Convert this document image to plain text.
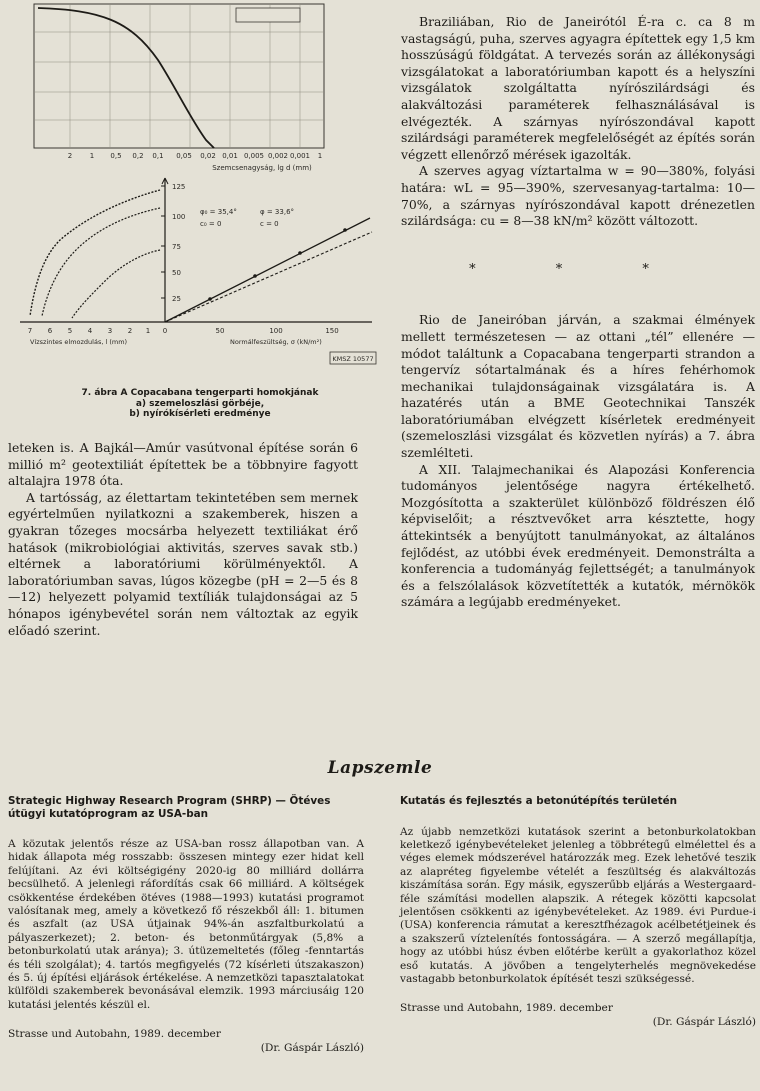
2	1 0,5 0,2 0,1 0,05 0,02 0,01 0,005 0,002 0,001 1
Szemcsenagyság, lg d (mm)
125
100
75
50
25
φ₀ = 35,4°
c₀ = 0
φ = 33,6°
c = 0
7 6 5 4 3 2 1 0	50	100	150
Vízszintes elmozdulás, l (mm)	Normálfeszültség, σ (kN/m²)
KMSZ 10577
7. ábra A Copacabana tengerparti homokjának
a) szemeloszlási görbéje,
b) nyírókísérleti eredménye

leteken is. A Bajkál—Amúr vasútvonal építése során 6 millió m² geotextiliát építettek be a többnyire fagyott altalajra 1978 óta.

A tartósság, az élettartam tekintetében sem mernek egyértelműen nyilatkozni a szakemberek, hiszen a gyakran tőzeges mocsárba helyezett textiliákat érő hatások (mikrobiológiai aktivitás, szerves savak stb.) eltérnek a laboratóriumi körülményektől. A laboratóriumban savas, lúgos közegbe (pH = 2—5 és 8—12) helyezett polyamid textíliák tulajdonságai az 5 hónapos igénybevétel során nem változtak az egyik előadó szerint.

Braziliában, Rio de Janeirótól É-ra c. ca 8 m vastagságú, puha, szerves agyagra építettek egy 1,5 km hosszúságú földgátat. A tervezés során az állékonysági vizsgálatokat a laboratóriumban kapott és a helyszíni vizsgálatok szolgáltatta nyírószilárdsági és alakváltozási paraméterek felhasználásával is elvégezték. A szárnyas nyírószondával kapott szilárdsági paraméterek megfelelőségét az építés során végzett ellenőrző mérések igazolták.

A szerves agyag víztartalma w = 90—380%, folyási határa: wL = 95—390%, szervesanyag-tartalma: 10—70%, a szárnyas nyírószondával kapott drénezetlen szilárdsága: cu = 8—38 kN/m² között változott.

* * *

Rio de Janeiróban járván, a szakmai élmények mellett természetesen — az ottani „tél” ellenére — módot találtunk a Copacabana tengerparti strandon a tengervíz sótartalmának és a híres fehérhomok mechanikai tulajdonságainak vizsgálatára is. A hazatérés után a BME Geotechnikai Tanszék laboratóriumában elvégzett kísérletek eredményeit (szemeloszlási vizsgálat és közvetlen nyírás) a 7. ábra szemlélteti.

A XII. Talajmechanikai és Alapozási Konferencia tudományos jelentősége nagyra értékelhető. Mozgósította a szakterület különböző földrészen élő képviselőit; a résztvevőket arra késztette, hogy áttekintsék a benyújtott tanulmányokat, az általános fejlődést, az utóbbi évek eredményeit. Demonstrálta a konferencia a tudományág fejlettségét; a tanulmányok és a felszólalások közvetítették a kutatók, mérnökök számára a legújabb eredményeket.

Lapszemle
Strategic Highway Research Program (SHRP) — Ötéves útügyi kutatóprogram az USA-ban
A közutak jelentős része az USA-ban rossz állapotban van. A hidak állapota még rosszabb: összesen mintegy ezer hidat kell felújítani. Az évi költségigény 2020-ig 80 milliárd dollárra becsülhető. A jelenlegi ráfordítás csak 66 milliárd. A költségek csökkentése érdekében ötéves (1988—1993) kutatási programot valósítanak meg, amely a következő fő részekből áll: 1. bitumen és aszfalt (az USA útjainak 94%-án aszfaltburkolatú a pályaszerkezet); 2. beton- és betonműtárgyak (5,8% a betonburkolatú utak aránya); 3. útüzemeltetés (főleg -fenntartás és téli szolgálat); 4. tartós megfigyelés (72 kísérleti útszakaszon) és 5. új építési eljárások értékelése. A nemzetközi tapasztalatokat külföldi szakemberek bevonásával elemzik. 1993 márciusáig 120 kutatási jelentés készül el.
Strasse und Autobahn, 1989. december
(Dr. Gáspár László)
Kutatás és fejlesztés a betonútépítés területén
Az újabb nemzetközi kutatások szerint a betonburkolatokban keletkező igénybevételeket jelenleg a többrétegű elmélettel és a véges elemek módszerével határozzák meg. Ezek lehetővé teszik az alapréteg figyelembe vételét a feszültség és alakváltozás kiszámítása során. Egy másik, egyszerűbb eljárás a Westergaard-féle számítási modellen alapszik. A rétegek közötti kapcsolat jelentősen csökkenti az igénybevételeket. Az 1989. évi Purdue-i (USA) konferencia rámutat a keresztfhézagok acélbetétjeinek és a szakszerű víztelenítés fontosságára. — A szerző megállapítja, hogy az utóbbi húsz évben előtérbe került a gyakorlathoz közel eső kutatás. A jövőben a tengelyterhelés megnövekedése vastagabb betonburkolatok építését teszi szükségessé.
Strasse und Autobahn, 1989. december
(Dr. Gáspár László)
